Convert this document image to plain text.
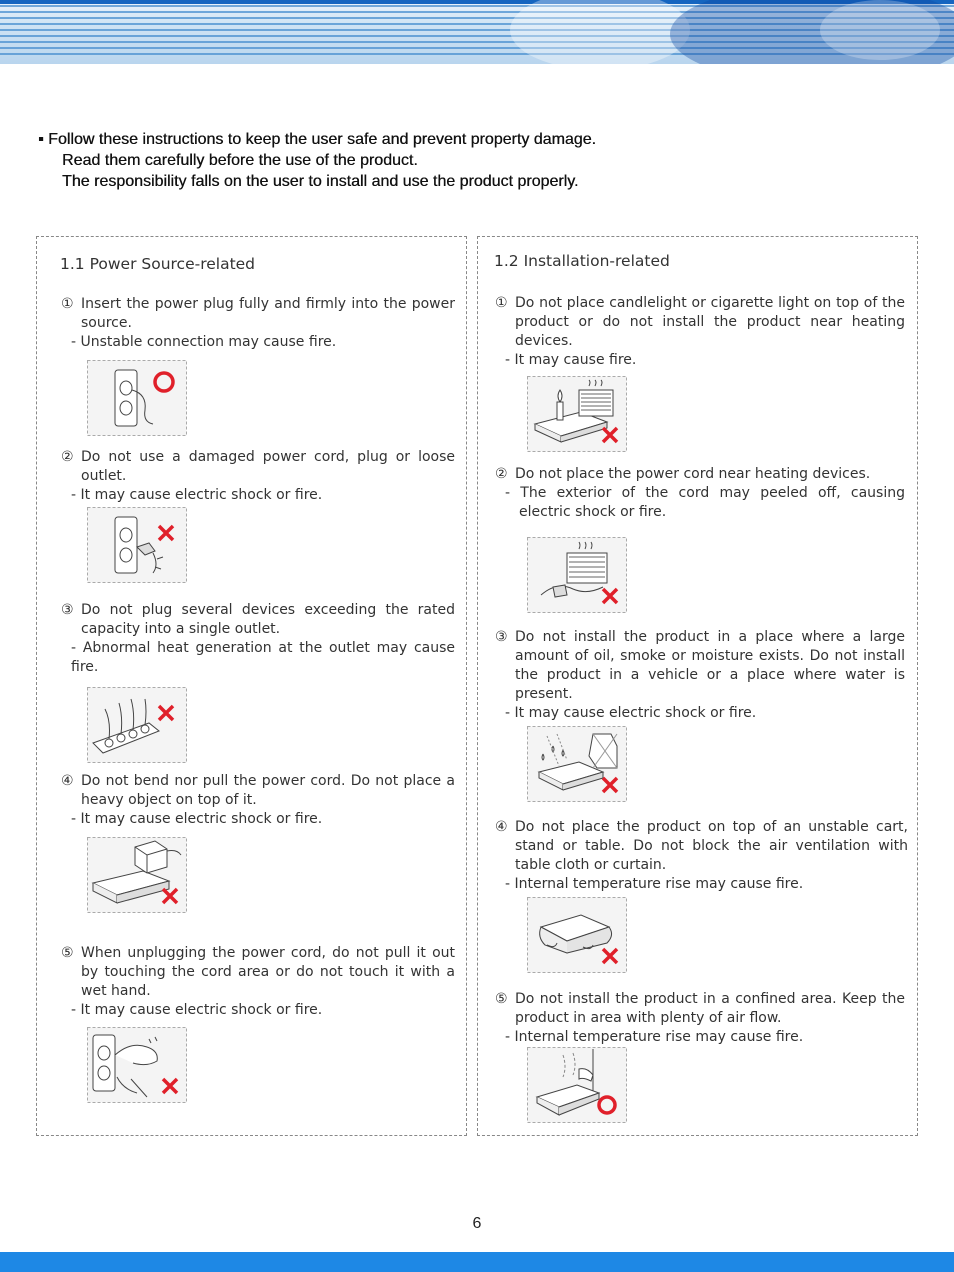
▪ Follow these instructions to keep the user safe and prevent property damage.
Read them carefully before the use of the product.
The responsibility falls on the user to install and use the product properly.
1.1 Power Source-related
① Insert the power plug fully and firmly into the power source.
- Unstable connection may cause fire.
② Do not use a damaged power cord, plug or loose outlet.
- It may cause electric shock or fire.
③ Do not plug several devices exceeding the rated capacity into a single outlet.
- Abnormal heat generation at the outlet may cause fire.
④ Do not bend nor pull the power cord. Do not place a heavy object on top of it.
- It may cause electric shock or fire.
⑤ When unplugging the power cord, do not pull it out by touching the cord area or do not touch it with a wet hand.
- It may cause electric shock or fire.
1.2 Installation-related
① Do not place candlelight or cigarette light on top of the product or do not install the product near heating devices.
- It may cause fire.
② Do not place the power cord near heating devices.
- The exterior of the cord may peeled off, causing electric shock or fire.
③ Do not install the product in a place where a large amount of oil, smoke or moisture exists. Do not install the product in a vehicle or a place where water is present.
- It may cause electric shock or fire.
④ Do not place the product on top of an unstable cart, stand or table. Do not block the air ventilation with table cloth or curtain.
- Internal temperature rise may cause fire.
⑤ Do not install the product in a confined area. Keep the product in area with plenty of air flow.
- Internal temperature rise may cause fire.
6
